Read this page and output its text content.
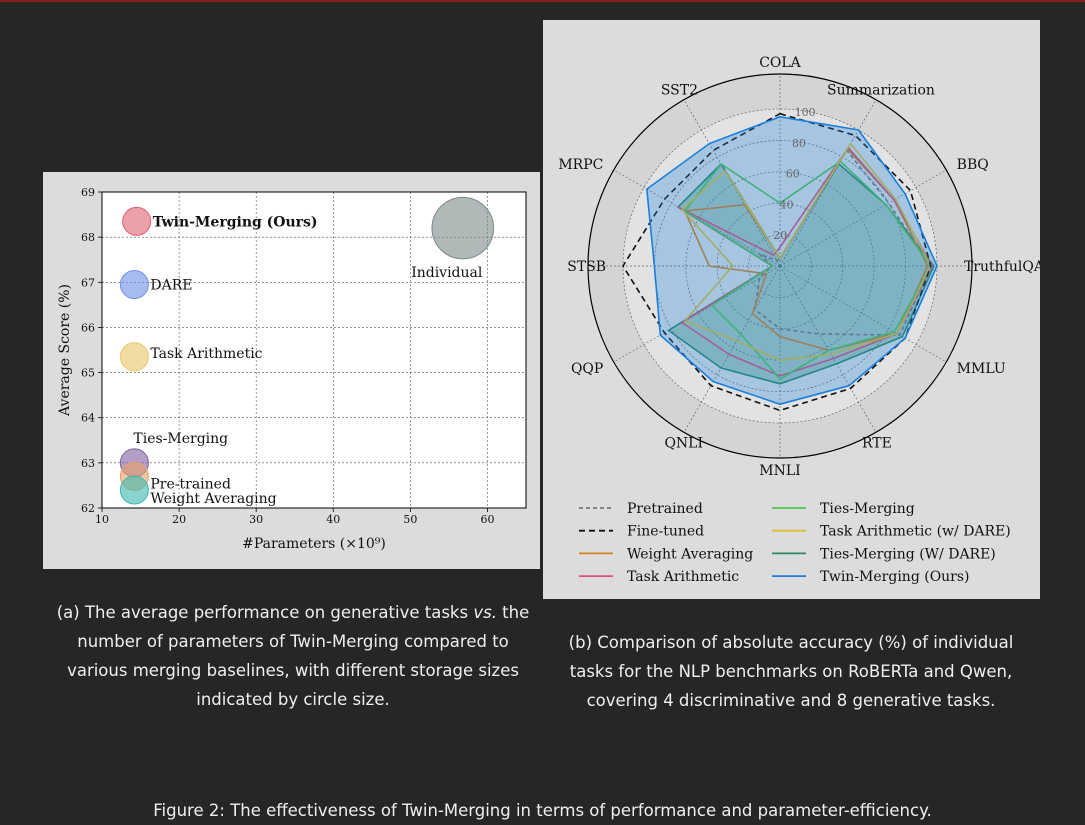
10	20	30	40	50	60
62
63
64
65
66
67
68
69
#Parameters (×10⁹)
Average Score (%)
Twin-Merging (Ours)
DARE
Task Arithmetic
Ties-Merging
Pre-trained
Weight Averaging
Individual
20
40
60
80
100
COLA
Summarization
BBQ
TruthfulQA
MMLU
RTE
MNLI
QNLI
QQP
STSB
MRPC
SST2
Pretrained
Fine-tuned
Weight Averaging
Task Arithmetic
Ties-Merging
Task Arithmetic (w/ DARE)
Ties-Merging (W/ DARE)
Twin-Merging (Ours)
(a) The average performance on generative tasks vs. the number of parameters of Twin-Merging compared to various merging baselines, with different storage sizes indicated by circle size.
(b) Comparison of absolute accuracy (%) of individual tasks for the NLP benchmarks on RoBERTa and Qwen, covering 4 discriminative and 8 generative tasks.
Figure 2: The effectiveness of Twin-Merging in terms of performance and parameter-efficiency.
